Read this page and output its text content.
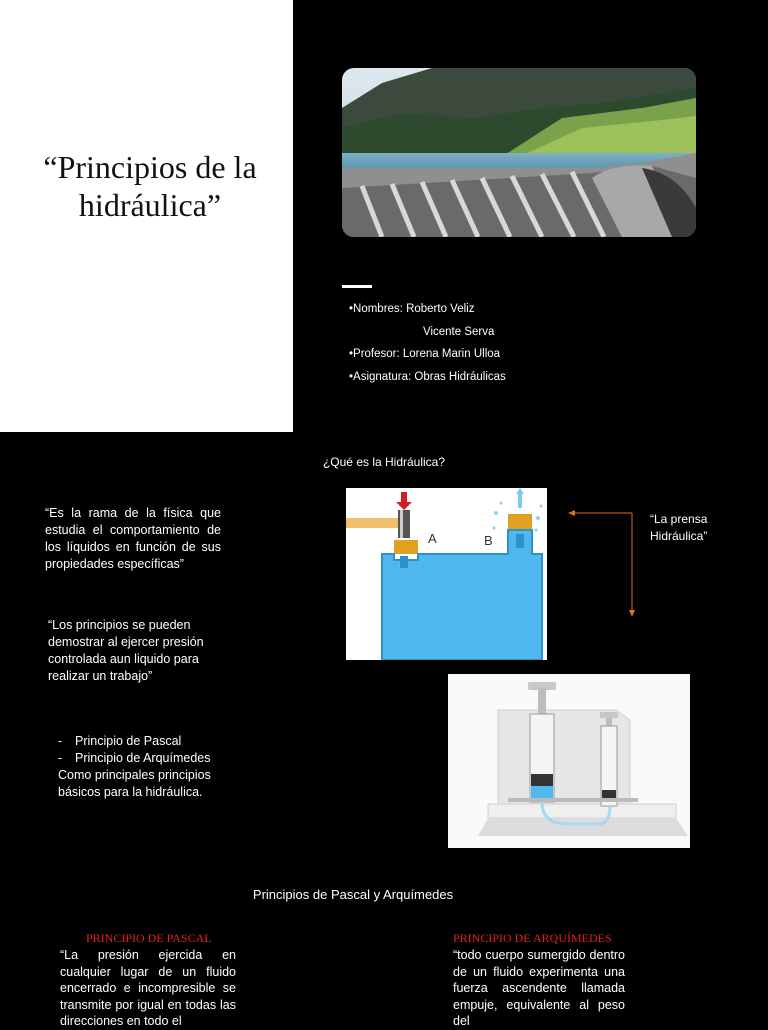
“Principios de la hidráulica”
•Nombres: Roberto Veliz
Vicente Serva
•Profesor: Lorena Marin Ulloa
•Asignatura: Obras Hidráulicas
¿Qué es la Hidráulica?
“Es la rama de la física que estudia el comportamiento de los líquidos en función de sus propiedades específicas”
“Los principios se pueden demostrar al ejercer presión controlada aun liquido para realizar un trabajo”
- Principio de Pascal
- Principio de Arquímedes
Como principales principios básicos para la hidráulica.
A	B
“La prensa Hidráulica”
Principios de Pascal y Arquímedes
PRINCIPIO DE PASCAL
“La presión ejercida en cualquier lugar de un fluido encerrado e incompresible se transmite por igual en todas las direcciones en todo el
PRINCIPIO DE ARQUÍMEDES
“todo cuerpo sumergido dentro de un fluido experimenta una fuerza ascendente llamada empuje, equivalente al peso del
